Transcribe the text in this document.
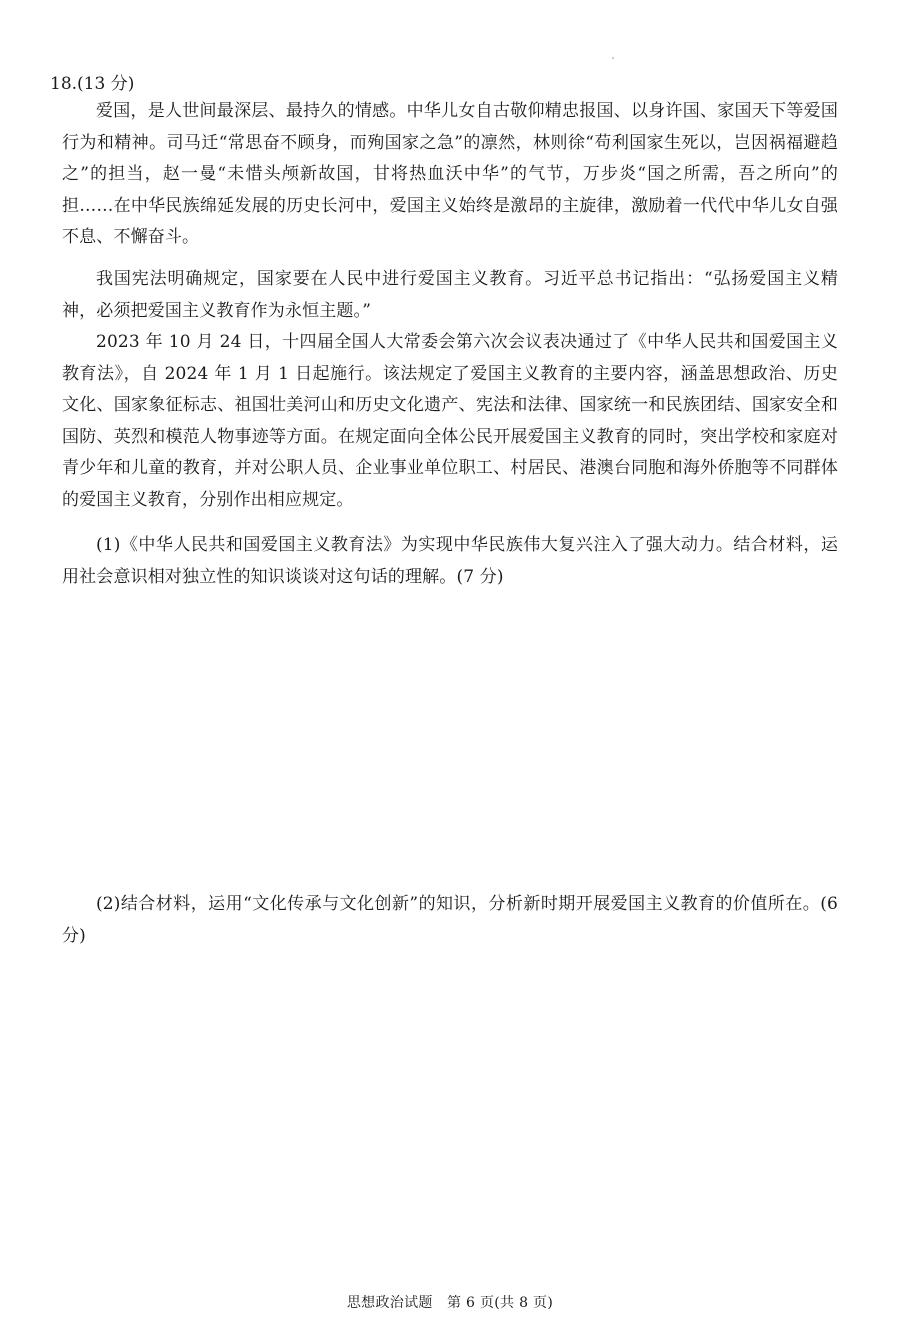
18.(13 分)

爱国，是人世间最深层、最持久的情感。中华儿女自古敬仰精忠报国、以身许国、家国天下等爱国行为和精神。司马迁“常思奋不顾身，而殉国家之急”的凛然，林则徐“苟利国家生死以，岂因祸福避趋之”的担当，赵一曼“未惜头颅新故国，甘将热血沃中华”的气节，万步炎“国之所需，吾之所向”的担……在中华民族绵延发展的历史长河中，爱国主义始终是激昂的主旋律，激励着一代代中华儿女自强不息、不懈奋斗。

我国宪法明确规定，国家要在人民中进行爱国主义教育。习近平总书记指出：“弘扬爱国主义精神，必须把爱国主义教育作为永恒主题。”

2023 年 10 月 24 日，十四届全国人大常委会第六次会议表决通过了《中华人民共和国爱国主义教育法》，自 2024 年 1 月 1 日起施行。该法规定了爱国主义教育的主要内容，涵盖思想政治、历史文化、国家象征标志、祖国壮美河山和历史文化遗产、宪法和法律、国家统一和民族团结、国家安全和国防、英烈和模范人物事迹等方面。在规定面向全体公民开展爱国主义教育的同时，突出学校和家庭对青少年和儿童的教育，并对公职人员、企业事业单位职工、村居民、港澳台同胞和海外侨胞等不同群体的爱国主义教育，分别作出相应规定。

(1)《中华人民共和国爱国主义教育法》为实现中华民族伟大复兴注入了强大动力。结合材料，运用社会意识相对独立性的知识谈谈对这句话的理解。(7 分)

(2)结合材料，运用“文化传承与文化创新”的知识，分析新时期开展爱国主义教育的价值所在。(6 分)

思想政治试题　第 6 页(共 8 页)
